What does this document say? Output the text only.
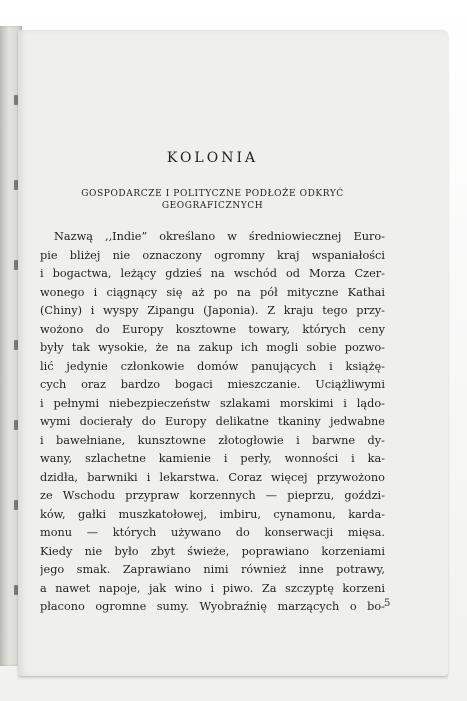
KOLONIA
GOSPODARCZE I POLITYCZNE PODŁOŻE ODKRYĆ
GEOGRAFICZNYCH
Nazwą ,,Indie” określano w średniowiecznej Euro-
pie bliżej nie oznaczony ogromny kraj wspaniałości
i bogactwa, leżący gdzieś na wschód od Morza Czer-
wonego i ciągnący się aż po na pół mityczne Kathai
(Chiny) i wyspy Zipangu (Japonia). Z kraju tego przy-
wożono do Europy kosztowne towary, których ceny
były tak wysokie, że na zakup ich mogli sobie pozwo-
lić jedynie członkowie domów panujących i książę-
cych oraz bardzo bogaci mieszczanie. Uciążliwymi
i pełnymi niebezpieczeństw szlakami morskimi i lądo-
wymi docierały do Europy delikatne tkaniny jedwabne
i bawełniane, kunsztowne złotogłowie i barwne dy-
wany, szlachetne kamienie i perły, wonności i ka-
dzidła, barwniki i lekarstwa. Coraz więcej przywożono
ze Wschodu przypraw korzennych — pieprzu, goździ-
ków, gałki muszkatołowej, imbiru, cynamonu, karda-
monu — których używano do konserwacji mięsa.
Kiedy nie było zbyt świeże, poprawiano korzeniami
jego smak. Zaprawiano nimi również inne potrawy,
a nawet napoje, jak wino i piwo. Za szczyptę korzeni
płacono ogromne sumy. Wyobraźnię marzących o bo- 5
